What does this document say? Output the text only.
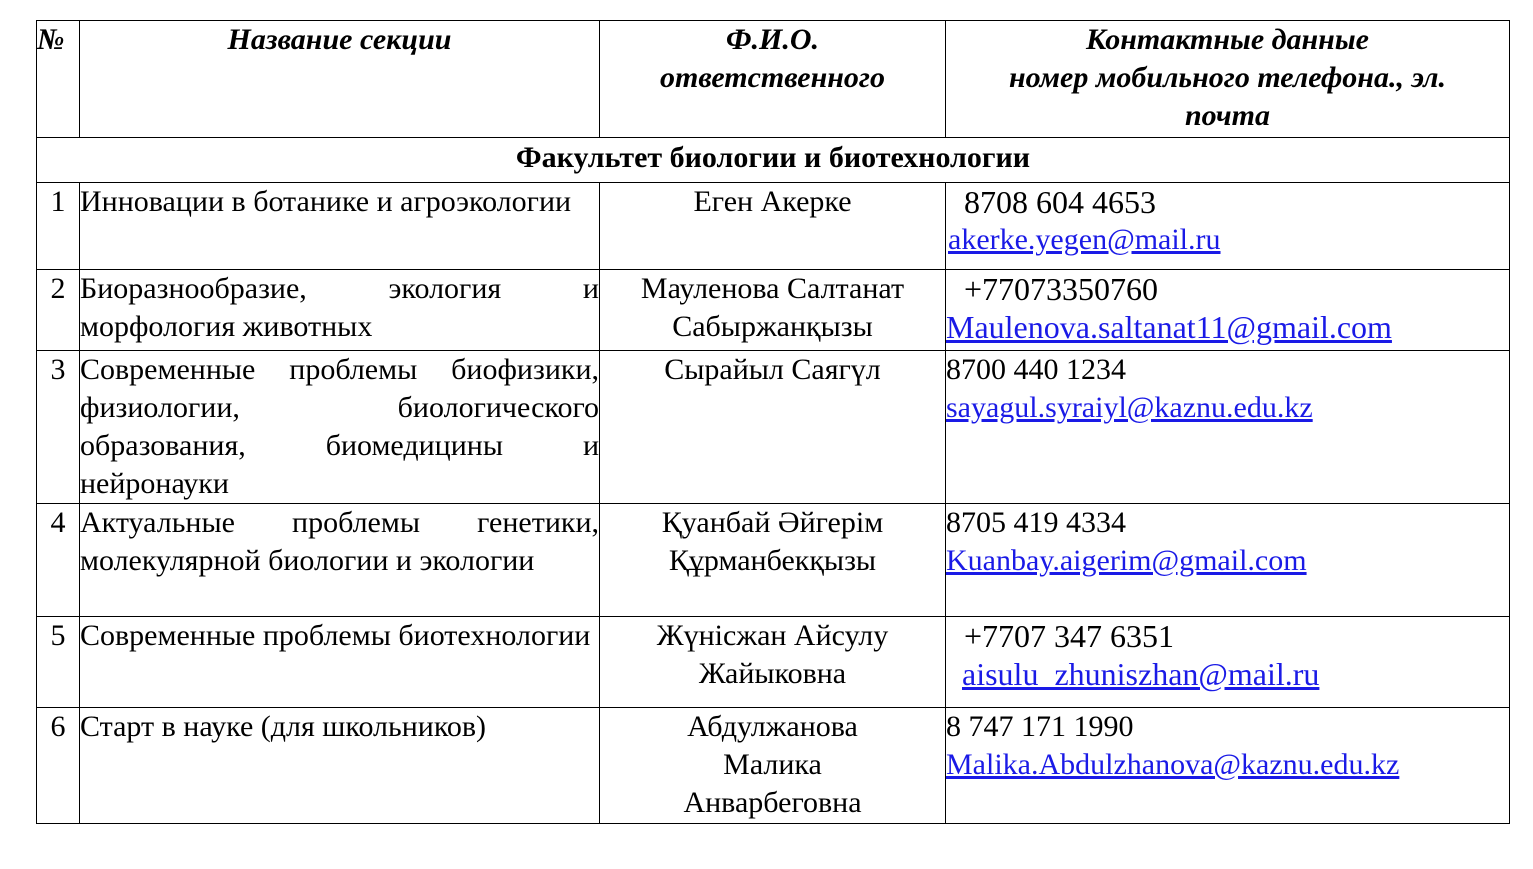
№	Название секции	Ф.И.О.
ответственного	Контактные данные
номер мобильного телефона., эл.
почта
Факультет биологии и биотехнологии			
1	Инновации в ботанике и агроэкологии	Еген Акерке	8708 604 4653
akerke.yegen@mail.ru

2	Биоразнообразие, экология и морфология животных	Мауленова Салтанат
Сабыржанқызы	+77073350760
Maulenova.saltanat11@gmail.com

3	Современные проблемы биофизики, физиологии, биологического образования, биомедицины и нейронауки	Сырайыл Саягүл	8700 440 1234
sayagul.syraiyl@kaznu.edu.kz

4	Актуальные проблемы генетики, молекулярной биологии и экологии	Қуанбай Әйгерім
Құрманбекқызы	8705 419 4334
Kuanbay.aigerim@gmail.com

5	Современные проблемы биотехнологии	Жүнісжан Айсулу
Жайыковна	+7707 347 6351
aisulu_zhuniszhan@mail.ru

6	Старт в науке (для школьников)	Абдулжанова
Малика
Анварбеговна	8 747 171 1990
Malika.Abdulzhanova@kaznu.edu.kz
